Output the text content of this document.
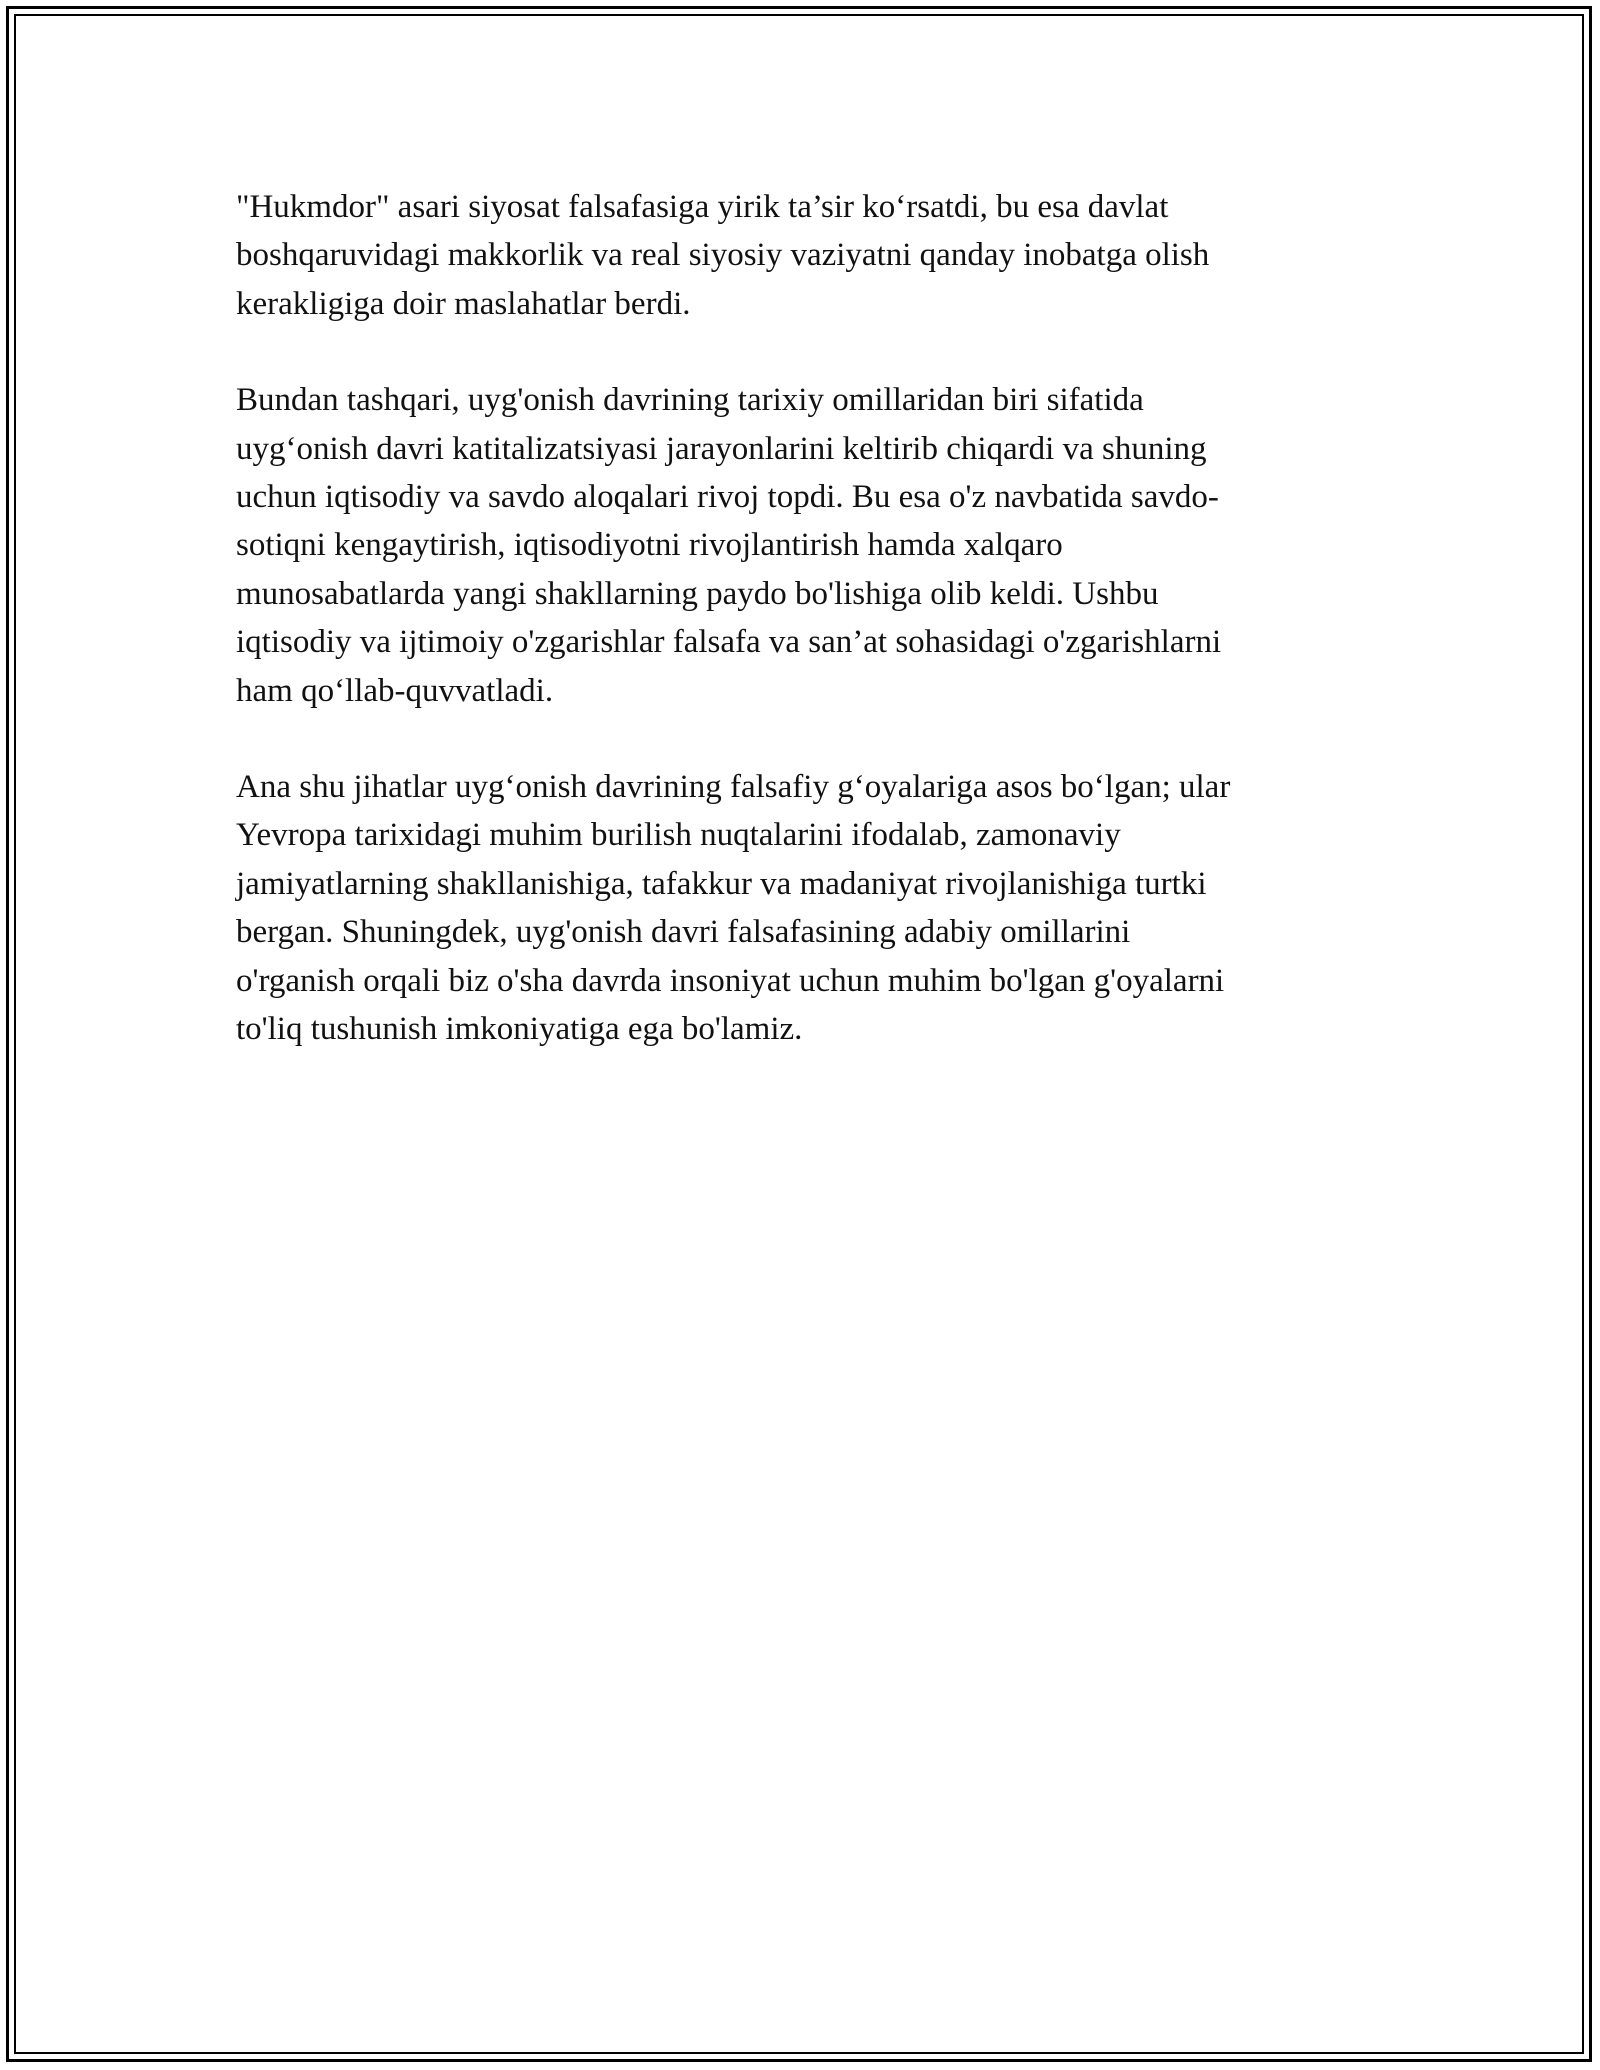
"Hukmdor" asari siyosat falsafasiga yirik ta’sir ko‘rsatdi, bu esa davlat
boshqaruvidagi makkorlik va real siyosiy vaziyatni qanday inobatga olish
kerakligiga doir maslahatlar berdi.

Bundan tashqari, uyg'onish davrining tarixiy omillaridan biri sifatida
uyg‘onish davri katitalizatsiyasi jarayonlarini keltirib chiqardi va shuning
uchun iqtisodiy va savdo aloqalari rivoj topdi. Bu esa o'z navbatida savdo-
sotiqni kengaytirish, iqtisodiyotni rivojlantirish hamda xalqaro
munosabatlarda yangi shakllarning paydo bo'lishiga olib keldi. Ushbu
iqtisodiy va ijtimoiy o'zgarishlar falsafa va san’at sohasidagi o'zgarishlarni
ham qo‘llab-quvvatladi.

Ana shu jihatlar uyg‘onish davrining falsafiy g‘oyalariga asos bo‘lgan; ular
Yevropa tarixidagi muhim burilish nuqtalarini ifodalab, zamonaviy
jamiyatlarning shakllanishiga, tafakkur va madaniyat rivojlanishiga turtki
bergan. Shuningdek, uyg'onish davri falsafasining adabiy omillarini
o'rganish orqali biz o'sha davrda insoniyat uchun muhim bo'lgan g'oyalarni
to'liq tushunish imkoniyatiga ega bo'lamiz.
